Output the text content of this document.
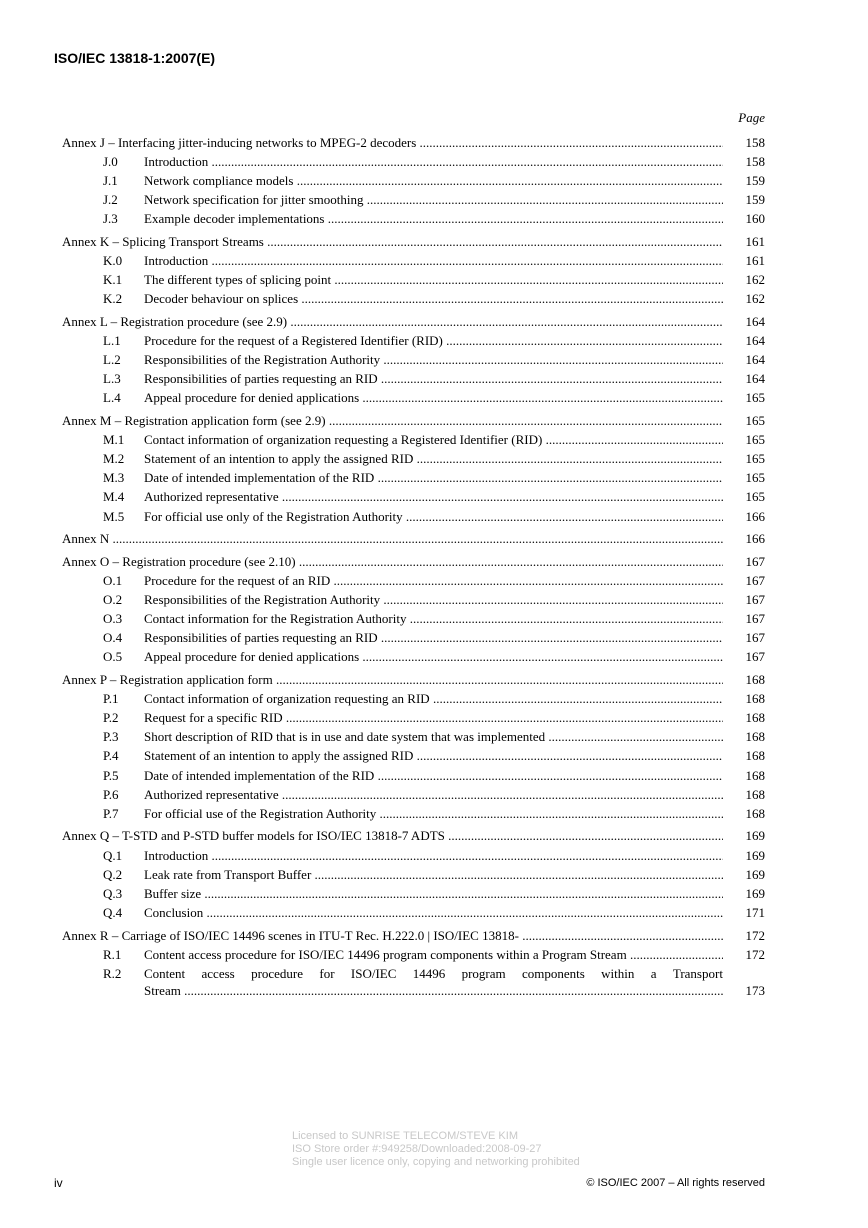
ISO/IEC 13818-1:2007(E)
Page
Annex J – Interfacing jitter-inducing networks to MPEG-2 decoders .....	158
J.0 Introduction .....	158
J.1 Network compliance models .....	159
J.2 Network specification for jitter smoothing .....	159
J.3 Example decoder implementations .....	160
Annex K – Splicing Transport Streams .....	161
K.0 Introduction .....	161
K.1 The different types of splicing point .....	162
K.2 Decoder behaviour on splices .....	162
Annex L – Registration procedure (see 2.9) .....	164
L.1 Procedure for the request of a Registered Identifier (RID) .....	164
L.2 Responsibilities of the Registration Authority .....	164
L.3 Responsibilities of parties requesting an RID .....	164
L.4 Appeal procedure for denied applications .....	165
Annex M – Registration application form (see 2.9) .....	165
M.1 Contact information of organization requesting a Registered Identifier (RID) .....	165
M.2 Statement of an intention to apply the assigned RID .....	165
M.3 Date of intended implementation of the RID .....	165
M.4 Authorized representative .....	165
M.5 For official use only of the Registration Authority .....	166
Annex N .....	166
Annex O – Registration procedure (see 2.10) .....	167
O.1 Procedure for the request of an RID .....	167
O.2 Responsibilities of the Registration Authority .....	167
O.3 Contact information for the Registration Authority .....	167
O.4 Responsibilities of parties requesting an RID .....	167
O.5 Appeal procedure for denied applications .....	167
Annex P – Registration application form .....	168
P.1 Contact information of organization requesting an RID .....	168
P.2 Request for a specific RID .....	168
P.3 Short description of RID that is in use and date system that was implemented .....	168
P.4 Statement of an intention to apply the assigned RID .....	168
P.5 Date of intended implementation of the RID .....	168
P.6 Authorized representative .....	168
P.7 For official use of the Registration Authority .....	168
Annex Q – T-STD and P-STD buffer models for ISO/IEC 13818-7 ADTS .....	169
Q.1 Introduction .....	169
Q.2 Leak rate from Transport Buffer .....	169
Q.3 Buffer size .....	169
Q.4 Conclusion .....	171
Annex R – Carriage of ISO/IEC 14496 scenes in ITU-T Rec. H.222.0 | ISO/IEC 13818- .....	172
R.1 Content access procedure for ISO/IEC 14496 program components within a Program Stream .....	172
R.2 Content access procedure for ISO/IEC 14496 program components within a Transport
Stream .....	173
Licensed to SUNRISE TELECOM/STEVE KIM
ISO Store order #:949258/Downloaded:2008-09-27
Single user licence only, copying and networking prohibited
iv	© ISO/IEC 2007 – All rights reserved
